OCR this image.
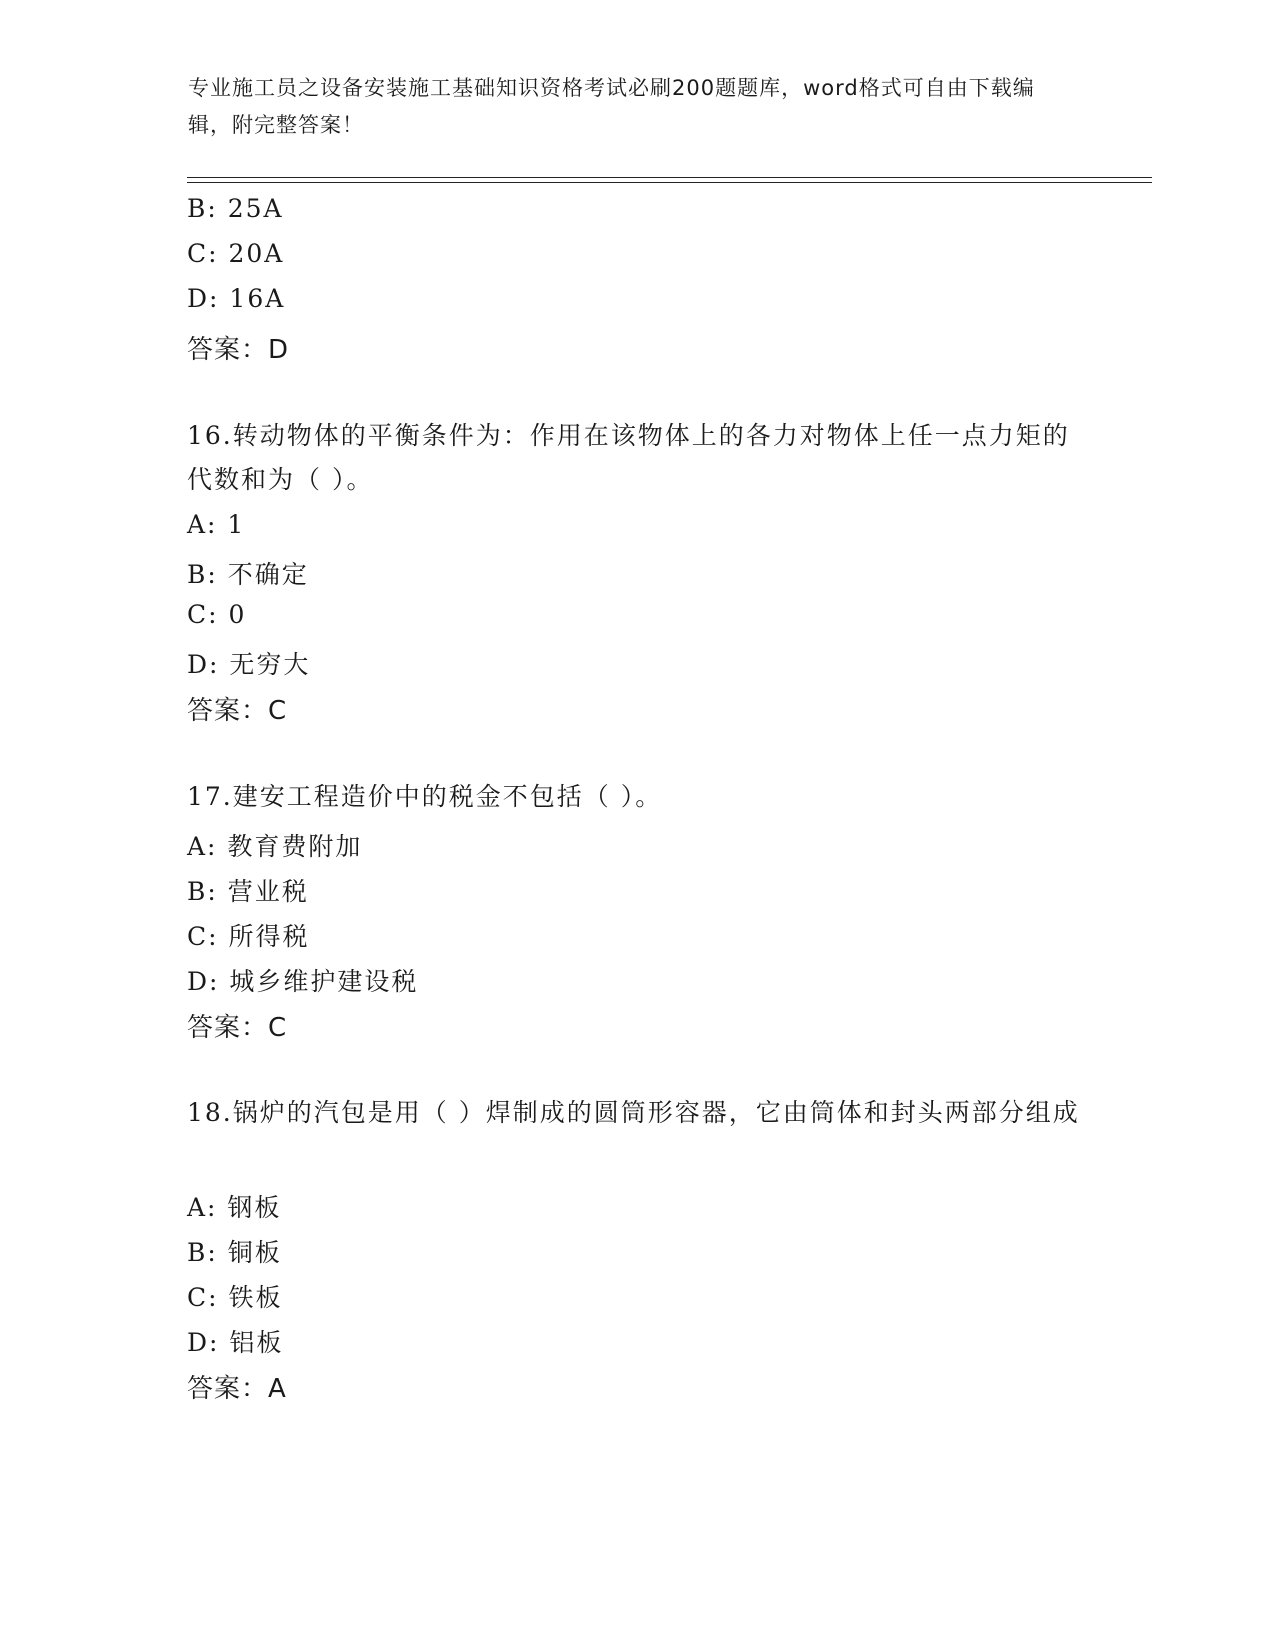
专业施工员之设备安装施工基础知识资格考试必刷200题题库，word格式可自由下载编辑，附完整答案！
B: 25A
C: 20A
D: 16A
答案：D
16.转动物体的平衡条件为：作用在该物体上的各力对物体上任一点力矩的代数和为（ ）。
A: 1
B: 不确定
C: 0
D: 无穷大
答案：C
17.建安工程造价中的税金不包括（ ）。
A: 教育费附加
B: 营业税
C: 所得税
D: 城乡维护建设税
答案：C
18.锅炉的汽包是用（ ）焊制成的圆筒形容器，它由筒体和封头两部分组成
A: 钢板
B: 铜板
C: 铁板
D: 铝板
答案：A
